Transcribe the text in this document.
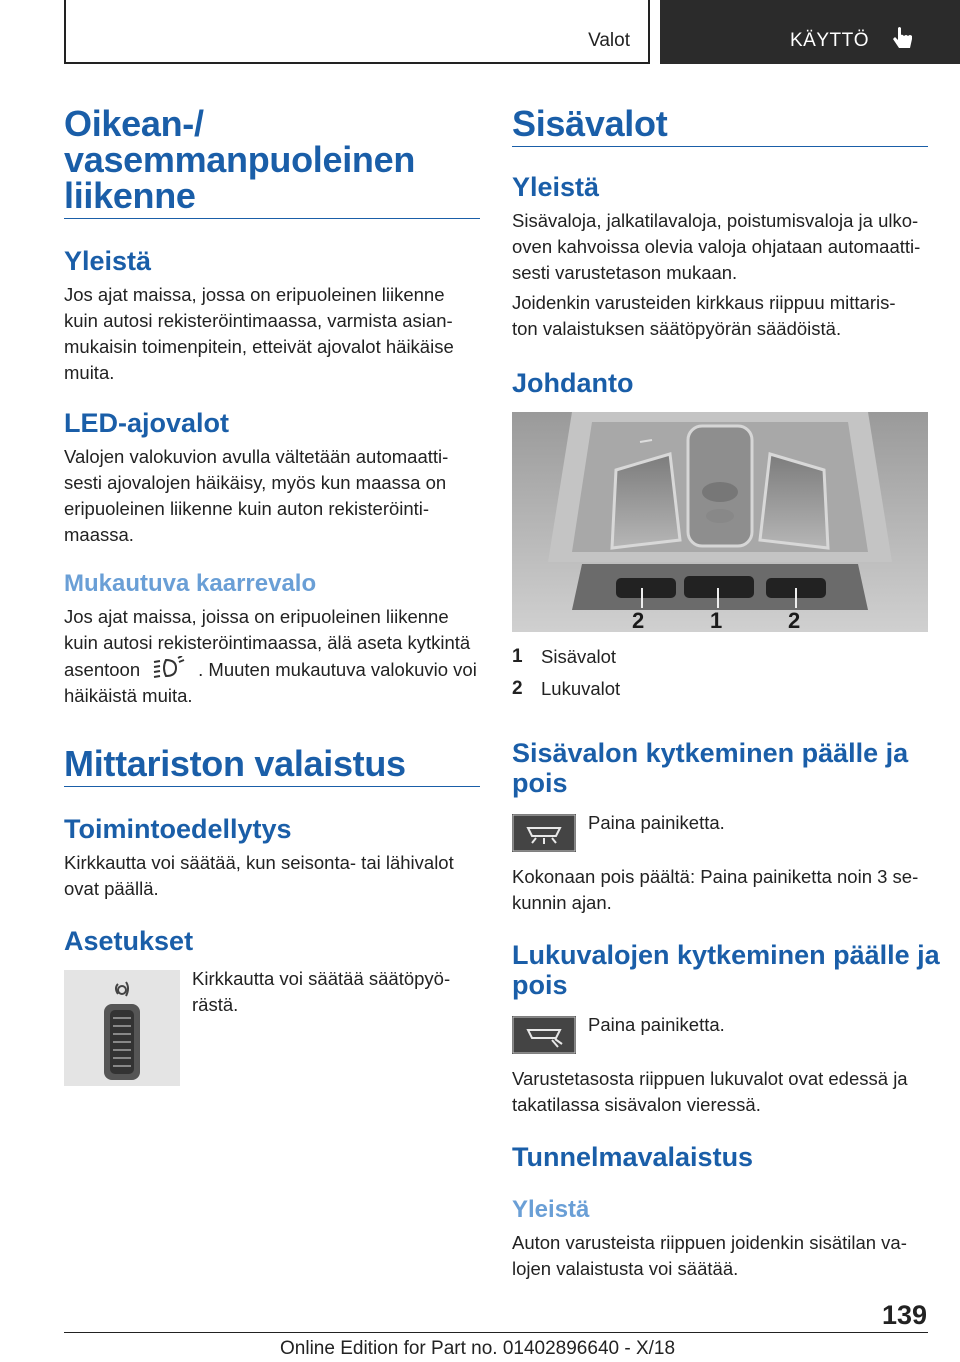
Valot	KÄYTTÖ
Oikean-/
vasemmanpuoleinen
liikenne
Yleistä
Jos ajat maissa, jossa on eripuoleinen liikenne
kuin autosi rekisteröintimaassa, varmista asian‐
mukaisin toimenpitein, etteivät ajovalot häikäise
muita.
LED-ajovalot
Valojen valokuvion avulla vältetään automaatti‐
sesti ajovalojen häikäisy, myös kun maassa on
eripuoleinen liikenne kuin auton rekisteröinti‐
maassa.
Mukautuva kaarrevalo
Jos ajat maissa, joissa on eripuoleinen liikenne
kuin autosi rekisteröintimaassa, älä aseta kytkintä
asentoon	. Muuten mukautuva valokuvio voi
häikäistä muita.
Mittariston valaistus
Toimintoedellytys
Kirkkautta voi säätää, kun seisonta- tai lähivalot
ovat päällä.
Asetukset
Kirkkautta voi säätää säätöpyö‐
rästä.
Sisävalot
Yleistä
Sisävaloja, jalkatilavaloja, poistumisvaloja ja ulko‐
oven kahvoissa olevia valoja ohjataan automaatti‐
sesti varustetason mukaan.
Joidenkin varusteiden kirkkaus riippuu mittaris‐
ton valaistuksen säätöpyörän säädöistä.
Johdanto
2	1	2
1 Sisävalot
2 Lukuvalot
Sisävalon kytkeminen päälle ja
pois
Paina painiketta.
Kokonaan pois päältä: Paina painiketta noin 3 se‐
kunnin ajan.
Lukuvalojen kytkeminen päälle ja
pois
Paina painiketta.
Varustetasosta riippuen lukuvalot ovat edessä ja
takatilassa sisävalon vieressä.
Tunnelmavalaistus
Yleistä
Auton varusteista riippuen joidenkin sisätilan va‐
lojen valaistusta voi säätää.
139
Online Edition for Part no. 01402896640 - X/18
